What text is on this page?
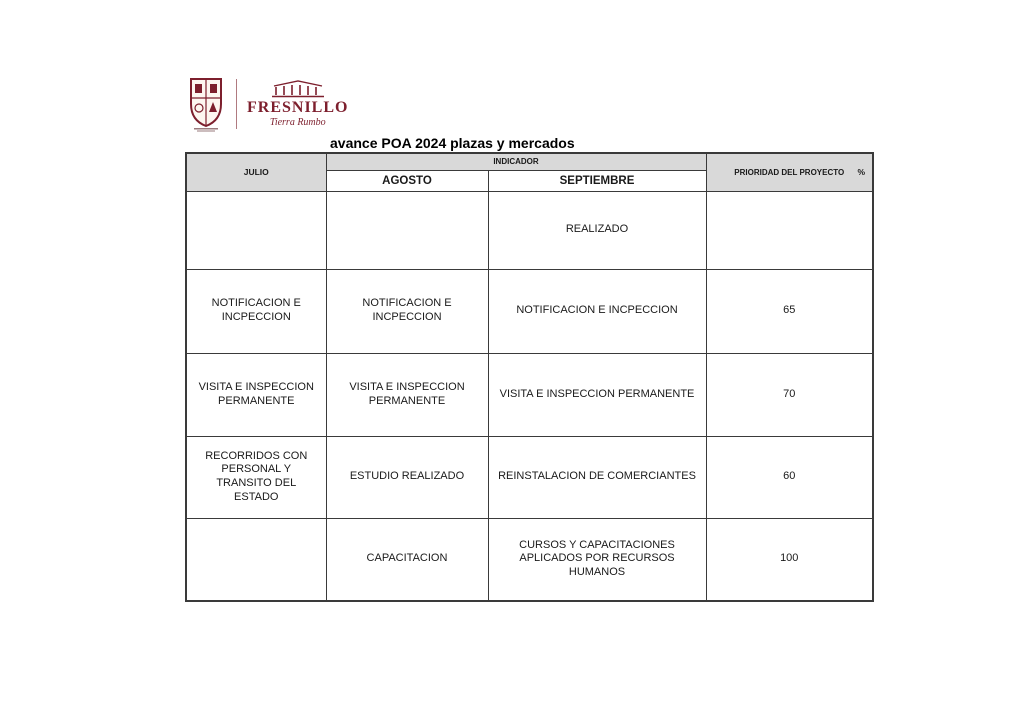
FRESNILLO
Tierra Rumbo
avance POA 2024 plazas y mercados
JULIO	INDICADOR		PRIORIDAD DEL PROYECTO %

	AGOSTO	SEPTIEMBRE	
		REALIZADO	
NOTIFICACION E INCPECCION	NOTIFICACION E INCPECCION	NOTIFICACION E INCPECCION	65
VISITA E INSPECCION PERMANENTE	VISITA E INSPECCION PERMANENTE	VISITA E INSPECCION PERMANENTE	70
RECORRIDOS CON PERSONAL Y TRANSITO DEL ESTADO	ESTUDIO REALIZADO	REINSTALACION DE COMERCIANTES	60
	CAPACITACION	CURSOS Y CAPACITACIONES APLICADOS POR RECURSOS HUMANOS	100
